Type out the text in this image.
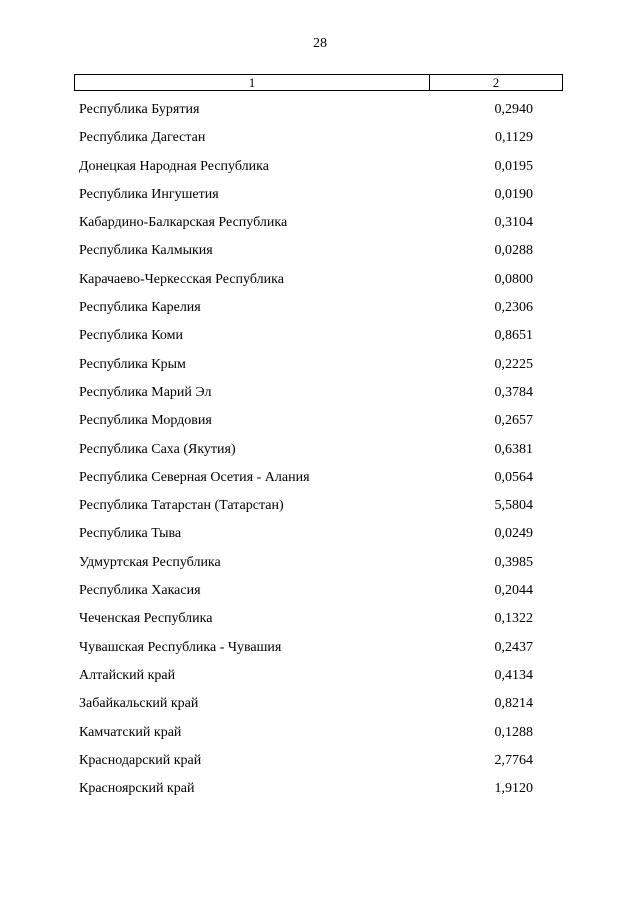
28
1	2
Республика Бурятия	0,2940
Республика Дагестан	0,1129
Донецкая Народная Республика	0,0195
Республика Ингушетия	0,0190
Кабардино-Балкарская Республика	0,3104
Республика Калмыкия	0,0288
Карачаево-Черкесская Республика	0,0800
Республика Карелия	0,2306
Республика Коми	0,8651
Республика Крым	0,2225
Республика Марий Эл	0,3784
Республика Мордовия	0,2657
Республика Саха (Якутия)	0,6381
Республика Северная Осетия - Алания	0,0564
Республика Татарстан (Татарстан)	5,5804
Республика Тыва	0,0249
Удмуртская Республика	0,3985
Республика Хакасия	0,2044
Чеченская Республика	0,1322
Чувашская Республика - Чувашия	0,2437
Алтайский край	0,4134
Забайкальский край	0,8214
Камчатский край	0,1288
Краснодарский край	2,7764
Красноярский край	1,9120
